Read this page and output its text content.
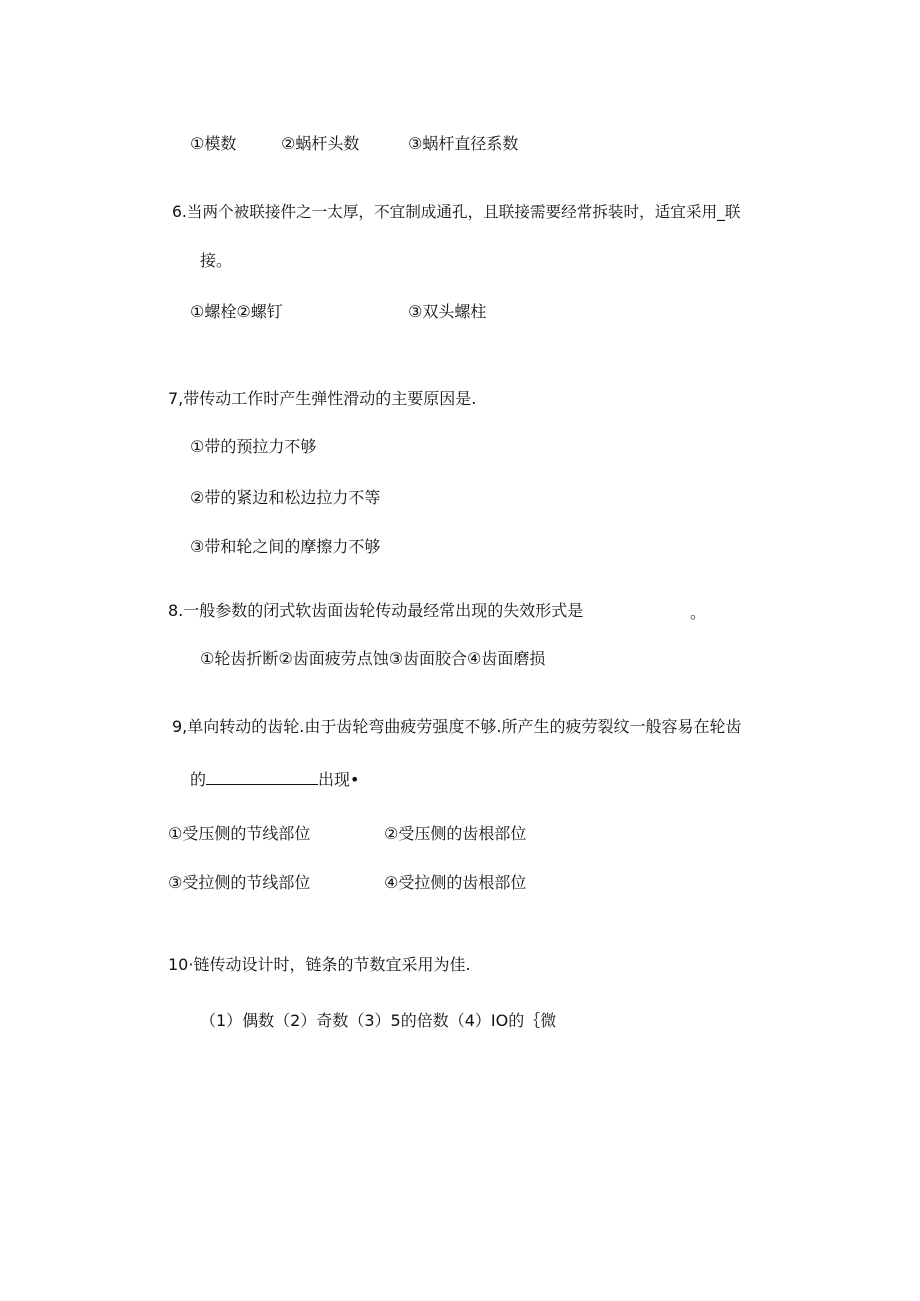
①模数	②蜗杆头数	③蜗杆直径系数
6.当两个被联接件之一太厚，不宜制成通孔，且联接需要经常拆装时，适宜采用_联
接。
①螺栓②螺钉	③双头螺柱
7,带传动工作时产生弹性滑动的主要原因是.
①带的预拉力不够
②带的紧边和松边拉力不等
③带和轮之间的摩擦力不够
8.一般参数的闭式软齿面齿轮传动最经常出现的失效形式是	。
①轮齿折断②齿面疲劳点蚀③齿面胶合④齿面磨损
9,单向转动的齿轮.由于齿轮弯曲疲劳强度不够.所产生的疲劳裂纹一般容易在轮齿
的	出现•
①受压侧的节线部位	②受压侧的齿根部位
③受拉侧的节线部位	④受拉侧的齿根部位
10·链传动设计时，链条的节数宜采用为佳.
（1）偶数（2）奇数（3）5的倍数（4）IO的｛微
